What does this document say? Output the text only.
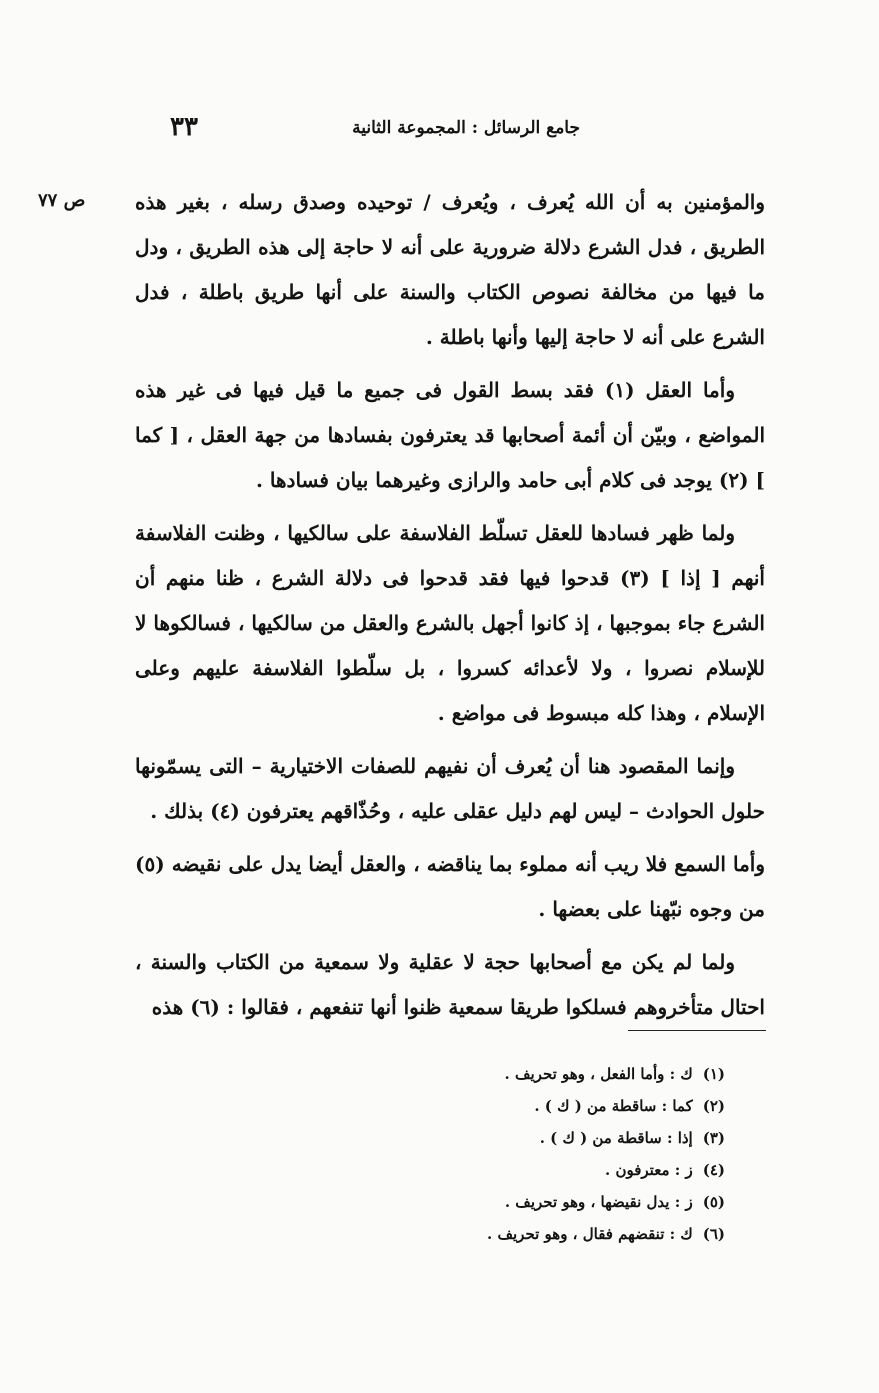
جامع الرسائل : المجموعة الثانية
٣٣
ص ٧٧ والمؤمنين به أن الله يُعرف ، ويُعرف / توحيده وصدق رسله ، بغير هذه الطريق ، فدل الشرع دلالة ضرورية على أنه لا حاجة إلى هذه الطريق ، ودل ما فيها من مخالفة نصوص الكتاب والسنة على أنها طريق باطلة ، فدل الشرع على أنه لا حاجة إليها وأنها باطلة .

وأما العقل (١) فقد بسط القول فى جميع ما قيل فيها فى غير هذه المواضع ، وبيّن أن أئمة أصحابها قد يعترفون بفسادها من جهة العقل ، [ كما ] (٢) يوجد فى كلام أبى حامد والرازى وغيرهما بيان فسادها .

ولما ظهر فسادها للعقل تسلّط الفلاسفة على سالكيها ، وظنت الفلاسفة أنهم [ إذا ] (٣) قدحوا فيها فقد قدحوا فى دلالة الشرع ، ظنا منهم أن الشرع جاء بموجبها ، إذ كانوا أجهل بالشرع والعقل من سالكيها ، فسالكوها لا للإسلام نصروا ، ولا لأعدائه كسروا ، بل سلّطوا الفلاسفة عليهم وعلى الإسلام ، وهذا كله مبسوط فى مواضع .

وإنما المقصود هنا أن يُعرف أن نفيهم للصفات الاختيارية – التى يسمّونها حلول الحوادث – ليس لهم دليل عقلى عليه ، وحُذّاقهم يعترفون (٤) بذلك .

وأما السمع فلا ريب أنه مملوء بما يناقضه ، والعقل أيضا يدل على نقيضه (٥) من وجوه نبّهنا على بعضها .

ولما لم يكن مع أصحابها حجة لا عقلية ولا سمعية من الكتاب والسنة ، احتال متأخروهم فسلكوا طريقا سمعية ظنوا أنها تنفعهم ، فقالوا : (٦) هذه

(١)ك : وأما الفعل ، وهو تحريف .
(٢)كما : ساقطة من ( ك ) .
(٣)إذا : ساقطة من ( ك ) .
(٤)ز : معترفون .
(٥)ز : يدل نقيضها ، وهو تحريف .
(٦)ك : تنقضهم فقال ، وهو تحريف .
